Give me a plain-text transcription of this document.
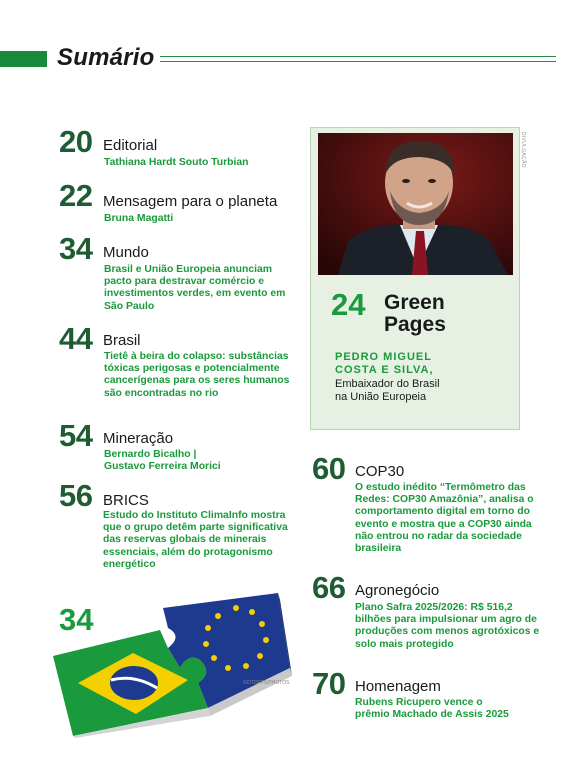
Sumário
20 Editorial
Tathiana Hardt Souto Turbian
22 Mensagem para o planeta
Bruna Magatti
34 Mundo
Brasil e União Europeia anunciam pacto para destravar comércio e investimentos verdes, em evento em São Paulo
44 Brasil
Tietê à beira do colapso: substâncias tóxicas perigosas e potencialmente cancerígenas para os seres humanos são encontradas no rio
54 Mineração
Bernardo Bicalho | Gustavo Ferreira Morici
56 BRICS
Estudo do Instituto ClimaInfo mostra que o grupo detêm parte significativa das reservas globais de minerais essenciais, além do protagonismo energético
DIVULGAÇÃO
24 Green
Pages
PEDRO MIGUEL
COSTA E SILVA,
Embaixador do Brasil
na União Europeia
60 COP30
O estudo inédito “Termômetro das Redes: COP30 Amazônia”, analisa o comportamento digital em torno do evento e mostra que a COP30 ainda não entrou no radar da sociedade brasileira
66 Agronegócio
Plano Safra 2025/2026: R$ 516,2 bilhões para impulsionar um agro de produções com menos agrotóxicos e solo mais protegido
70 Homenagem
Rubens Ricupero vence o prêmio Machado de Assis 2025
34
GOTOFFS/PHOTOS
